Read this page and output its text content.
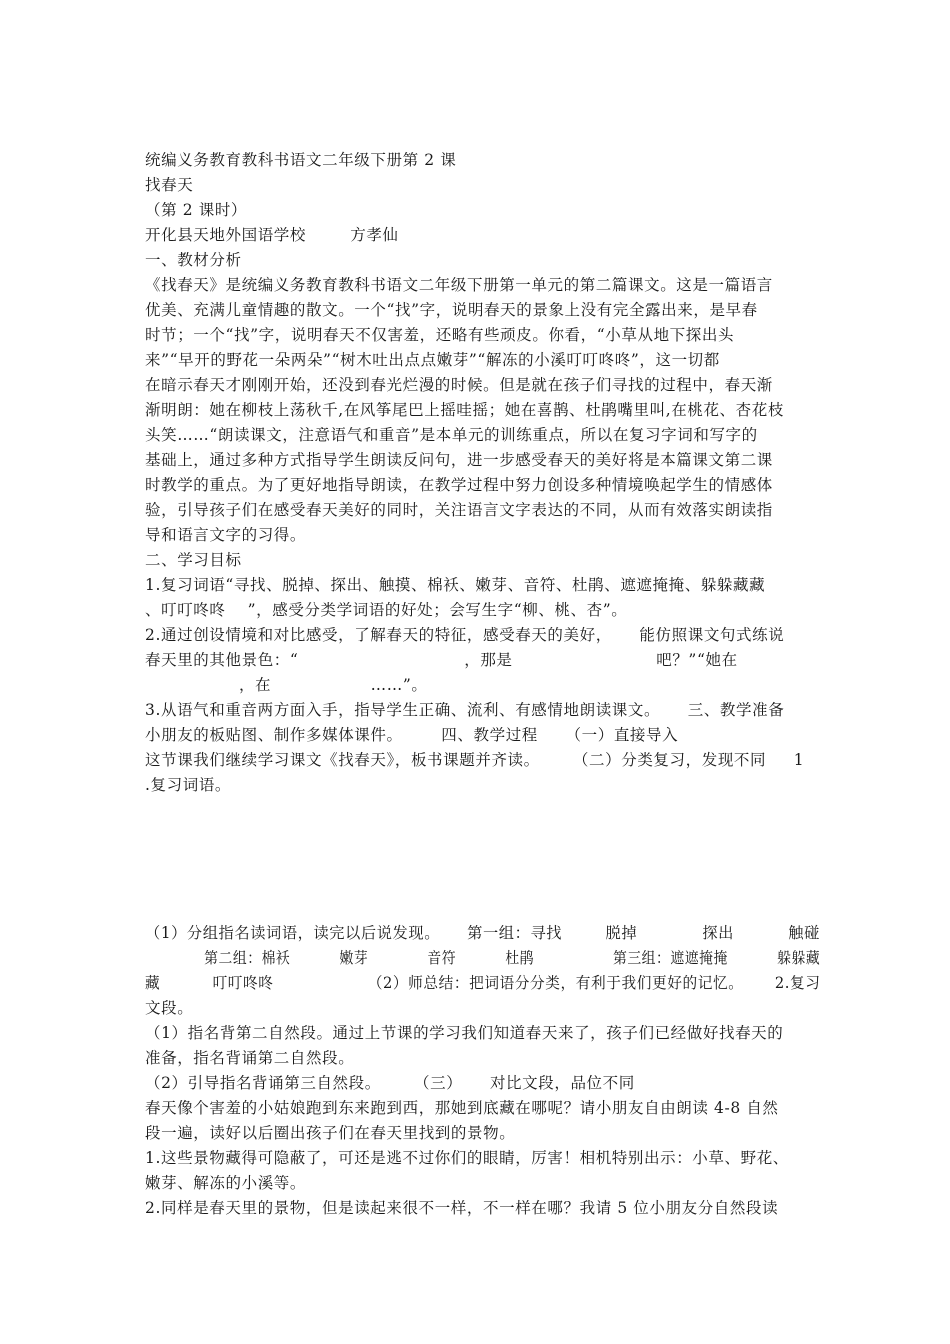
统编义务教育教科书语文二年级下册第 2 课
找春天
（第 2 课时）
开化县天地外国语学校        方孝仙
一、教材分析
《找春天》是统编义务教育教科书语文二年级下册第一单元的第二篇课文。这是一篇语言
优美、充满儿童情趣的散文。一个“找”字，说明春天的景象上没有完全露出来，是早春
时节；一个“找”字，说明春天不仅害羞，还略有些顽皮。你看，“小草从地下探出头
来”“早开的野花一朵两朵”“树木吐出点点嫩芽”“解冻的小溪叮叮咚咚”，这一切都
在暗示春天才刚刚开始，还没到春光烂漫的时候。但是就在孩子们寻找的过程中，春天渐
渐明朗：她在柳枝上荡秋千,在风筝尾巴上摇哇摇；她在喜鹊、杜鹃嘴里叫,在桃花、杏花枝
头笑……“朗读课文，注意语气和重音”是本单元的训练重点，所以在复习字词和写字的
基础上，通过多种方式指导学生朗读反问句，进一步感受春天的美好将是本篇课文第二课
时教学的重点。为了更好地指导朗读，在教学过程中努力创设多种情境唤起学生的情感体
验，引导孩子们在感受春天美好的同时，关注语言文字表达的不同，从而有效落实朗读指
导和语言文字的习得。
二、学习目标
1.复习词语“寻找、脱掉、探出、触摸、棉袄、嫩芽、音符、杜鹃、遮遮掩掩、躲躲藏藏
、叮叮咚咚    ”，感受分类学词语的好处；会写生字“柳、桃、杏”。
2.通过创设情境和对比感受，了解春天的特征，感受春天的美好，     能仿照课文句式练说
春天里的其他景色：“                              ，那是                          吧？”“她在
，在                  ……”。
3.从语气和重音两方面入手，指导学生正确、流利、有感情地朗读课文。     三、教学准备
小朋友的板贴图、制作多媒体课件。       四、教学过程     （一）直接导入
这节课我们继续学习课文《找春天》，板书课题并齐读。      （二）分类复习，发现不同     1
.复习词语。
（1）分组指名读词语，读完以后说发现。     第一组：寻找        脱掉            探出          触碰
第二组：棉袄          嫩芽            音符          杜鹃                第三组：遮遮掩掩          躲躲藏
藏          叮叮咚咚                  （2）师总结：把词语分分类，有利于我们更好的记忆。      2.复习
文段。
（1）指名背第二自然段。通过上节课的学习我们知道春天来了，孩子们已经做好找春天的
准备，指名背诵第二自然段。
（2）引导指名背诵第三自然段。      （三）     对比文段，品位不同
春天像个害羞的小姑娘跑到东来跑到西，那她到底藏在哪呢？请小朋友自由朗读 4-8 自然
段一遍，读好以后圈出孩子们在春天里找到的景物。
1.这些景物藏得可隐蔽了，可还是逃不过你们的眼睛，厉害！相机特别出示：小草、野花、
嫩芽、解冻的小溪等。
2.同样是春天里的景物，但是读起来很不一样，不一样在哪？我请 5 位小朋友分自然段读
